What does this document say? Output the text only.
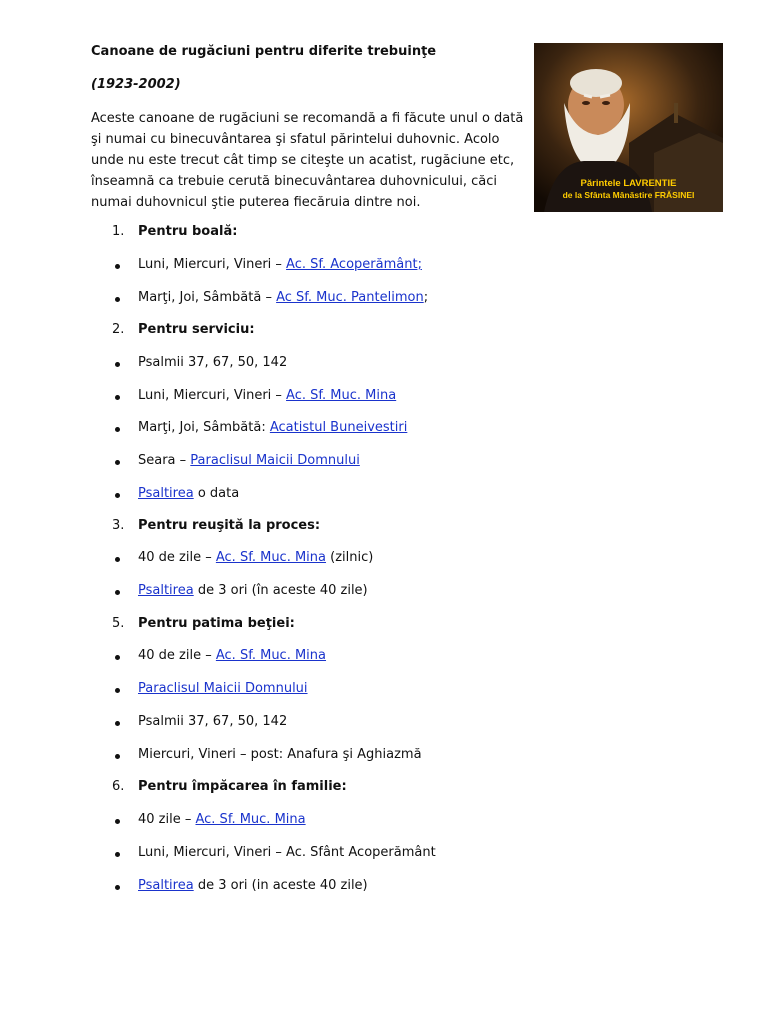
Canoane de rugăciuni pentru diferite trebuinţe
(1923-2002)
Aceste canoane de rugăciuni se recomandă a fi făcute unul o dată şi numai cu binecuvântarea şi sfatul părintelui duhovnic. Acolo unde nu este trecut cât timp se citeşte un acatist, rugăciune etc, înseamnă ca trebuie cerută binecuvântarea duhovnicului, căci numai duhovnicul ştie puterea fiecăruia dintre noi.
Părintele LAVRENTIE
de la Sfânta Mânăstire FRĂSINEI
1.	Pentru boală:
Luni, Miercuri, Vineri – Ac. Sf. Acoperământ;
Marţi, Joi, Sâmbătă – Ac Sf. Muc. Pantelimon;
2.	Pentru serviciu:
Psalmii 37, 67, 50, 142
Luni, Miercuri, Vineri – Ac. Sf. Muc. Mina
Marţi, Joi, Sâmbătă: Acatistul Buneivestiri
Seara – Paraclisul Maicii Domnului
Psaltirea o data
3.	Pentru reuşită la proces:
40 de zile – Ac. Sf. Muc. Mina (zilnic)
Psaltirea de 3 ori (în aceste 40 zile)
5.	Pentru patima beţiei:
40 de zile – Ac. Sf. Muc. Mina
Paraclisul Maicii Domnului
Psalmii 37, 67, 50, 142
Miercuri, Vineri – post: Anafura şi Aghiazmă
6.	Pentru împăcarea în familie:
40 zile – Ac. Sf. Muc. Mina
Luni, Miercuri, Vineri – Ac. Sfânt Acoperământ
Psaltirea de 3 ori (in aceste 40 zile)
